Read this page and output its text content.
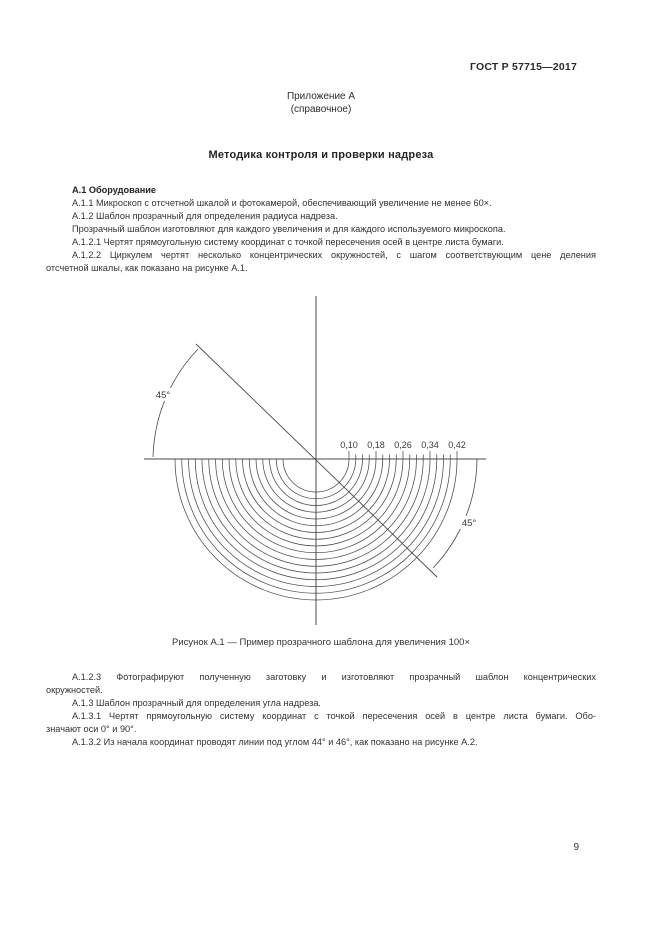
ГОСТ Р 57715—2017
Приложение А
(справочное)
Методика контроля и проверки надреза
А.1 Оборудование
А.1.1 Микроскоп с отсчетной шкалой и фотокамерой, обеспечивающий увеличение не менее 60×.
А.1.2 Шаблон прозрачный для определения радиуса надреза.
Прозрачный шаблон изготовляют для каждого увеличения и для каждого используемого микроскопа.
А.1.2.1 Чертят прямоугольную систему координат с точкой пересечения осей в центре листа бумаги.
А.1.2.2 Циркулем чертят несколько концентрических окружностей, с шагом соответствующим цене деления
отсчетной шкалы, как показано на рисунке А.1.
45°
45°
0,10 0,18 0,26 0,34 0,42
Рисунок А.1 — Пример прозрачного шаблона для увеличения 100×
А.1.2.3 Фотографируют полученную заготовку и изготовляют прозрачный шаблон концентрических
окружностей.
А.1.3 Шаблон прозрачный для определения угла надреза.
А.1.3.1 Чертят прямоугольную систему координат с точкой пересечения осей в центре листа бумаги. Обо-
значают оси 0° и 90°.
А.1.3.2 Из начала координат проводят линии под углом 44° и 46°, как показано на рисунке А.2.
9
